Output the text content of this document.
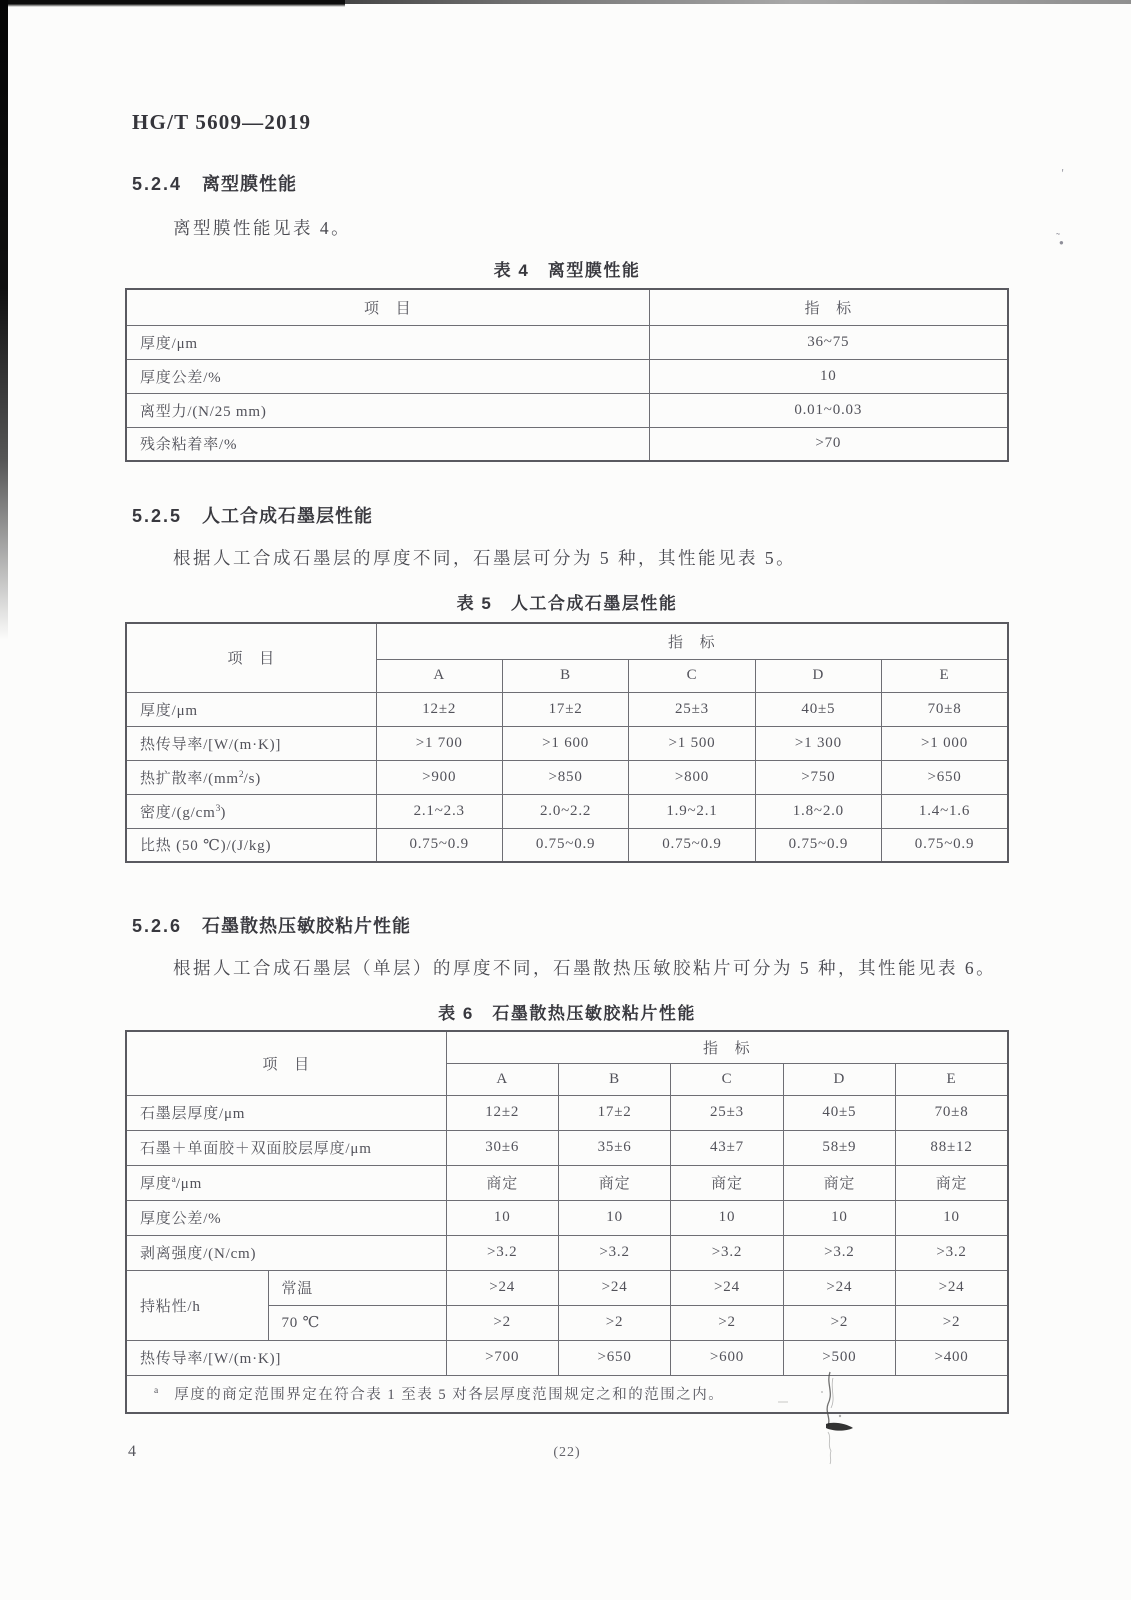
′
˜
●
HG/T 5609—2019
5.2.4 离型膜性能
离型膜性能见表 4。
表 4　离型膜性能
项　目	指　标
厚度/μm	36~75
厚度公差/%	10
离型力/(N/25 mm)	0.01~0.03
残余粘着率/%	>70
5.2.5 人工合成石墨层性能
根据人工合成石墨层的厚度不同，石墨层可分为 5 种，其性能见表 5。
表 5　人工合成石墨层性能
项　目	指　标				
	A	B	C	D	E
厚度/μm	12±2	17±2	25±3	40±5	70±8
热传导率/[W/(m·K)]	>1 700	>1 600	>1 500	>1 300	>1 000
热扩散率$/(mm^2/s)$	>900	>850	>800	>750	>650
密度$/(g/cm^3)$	2.1~2.3	2.0~2.2	1.9~2.1	1.8~2.0	1.4~1.6
比热 (50 ℃)/(J/kg)	0.75~0.9	0.75~0.9	0.75~0.9	0.75~0.9	0.75~0.9
5.2.6 石墨散热压敏胶粘片性能
根据人工合成石墨层（单层）的厚度不同，石墨散热压敏胶粘片可分为 5 种，其性能见表 6。
表 6　石墨散热压敏胶粘片性能
项　目		指　标				
		A	B	C	D	E
石墨层厚度/μm		12±2	17±2	25±3	40±5	70±8
石墨＋单面胶＋双面胶层厚度/μm		30±6	35±6	43±7	58±9	88±12
厚度$^a$/μm		商定	商定	商定	商定	商定
厚度公差/%		10	10	10	10	10
剥离强度/(N/cm)		>3.2	>3.2	>3.2	>3.2	>3.2
持粘性/h	常温	>24	>24	>24	>24	>24
	70 ℃	>2	>2	>2	>2	>2
热传导率/[W/(m·K)]		>700	>650	>600	>500	>400
$^a$　厚度的商定范围界定在符合表 1 至表 5 对各层厚度范围规定之和的范围之内。						
4	(22)
